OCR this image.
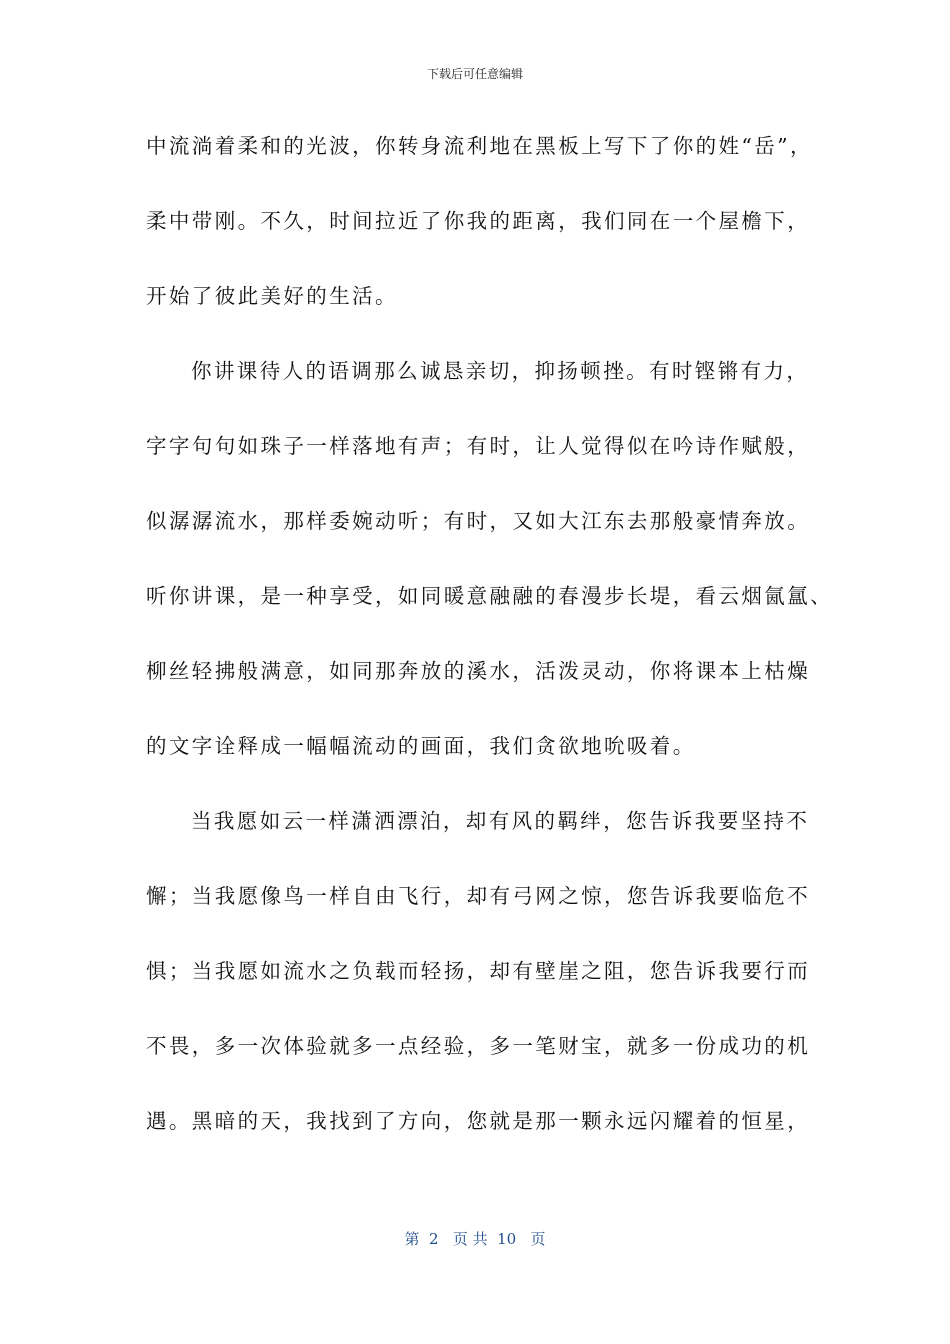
下载后可任意编辑
中流淌着柔和的光波，你转身流利地在黑板上写下了你的姓“岳”，
柔中带刚。不久，时间拉近了你我的距离，我们同在一个屋檐下，
开始了彼此美好的生活。
你讲课待人的语调那么诚恳亲切，抑扬顿挫。有时铿锵有力，
字字句句如珠子一样落地有声；有时，让人觉得似在吟诗作赋般，
似潺潺流水，那样委婉动听；有时，又如大江东去那般豪情奔放。
听你讲课，是一种享受，如同暖意融融的春漫步长堤，看云烟氤氲、
柳丝轻拂般满意，如同那奔放的溪水，活泼灵动，你将课本上枯燥
的文字诠释成一幅幅流动的画面，我们贪欲地吮吸着。
当我愿如云一样潇洒漂泊，却有风的羁绊，您告诉我要坚持不
懈；当我愿像鸟一样自由飞行，却有弓网之惊，您告诉我要临危不
惧；当我愿如流水之负载而轻扬，却有壁崖之阻，您告诉我要行而
不畏，多一次体验就多一点经验，多一笔财宝，就多一份成功的机
遇。黑暗的天，我找到了方向，您就是那一颗永远闪耀着的恒星，
第  2   页 共  10   页
